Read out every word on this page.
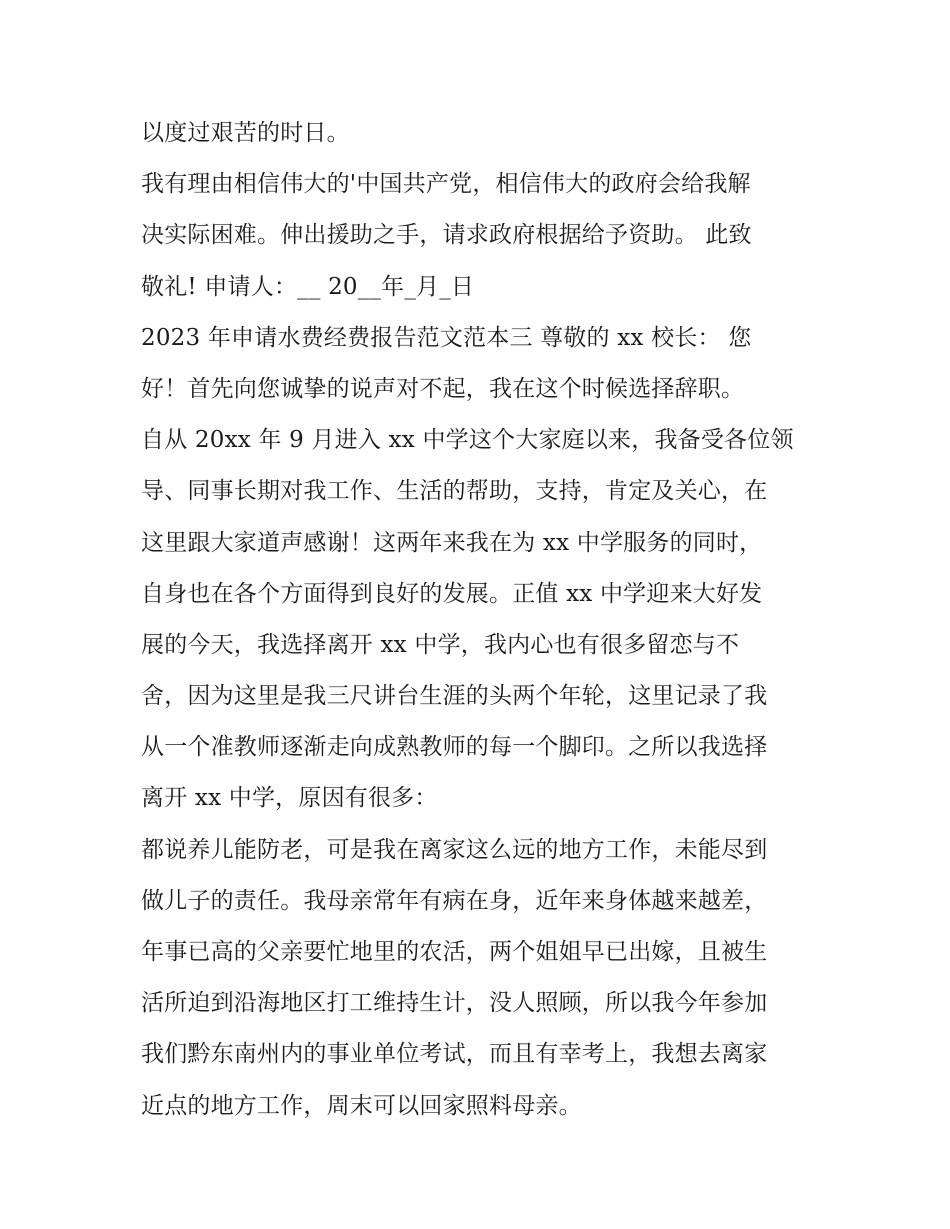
以度过艰苦的时日。
我有理由相信伟大的'中国共产党，相信伟大的政府会给我解
决实际困难。伸出援助之手，请求政府根据给予资助。 此致
敬礼! 申请人：__ 20__年_月_日
2023 年申请水费经费报告范文范本三 尊敬的 xx 校长： 您
好！首先向您诚挚的说声对不起，我在这个时候选择辞职。
自从 20xx 年 9 月进入 xx 中学这个大家庭以来，我备受各位领
导、同事长期对我工作、生活的帮助，支持，肯定及关心，在
这里跟大家道声感谢！这两年来我在为 xx 中学服务的同时，
自身也在各个方面得到良好的发展。正值 xx 中学迎来大好发
展的今天，我选择离开 xx 中学，我内心也有很多留恋与不
舍，因为这里是我三尺讲台生涯的头两个年轮，这里记录了我
从一个准教师逐渐走向成熟教师的每一个脚印。之所以我选择
离开 xx 中学，原因有很多：
都说养儿能防老，可是我在离家这么远的地方工作，未能尽到
做儿子的责任。我母亲常年有病在身，近年来身体越来越差，
年事已高的父亲要忙地里的农活，两个姐姐早已出嫁，且被生
活所迫到沿海地区打工维持生计，没人照顾，所以我今年参加
我们黔东南州内的事业单位考试，而且有幸考上，我想去离家
近点的地方工作，周末可以回家照料母亲。
